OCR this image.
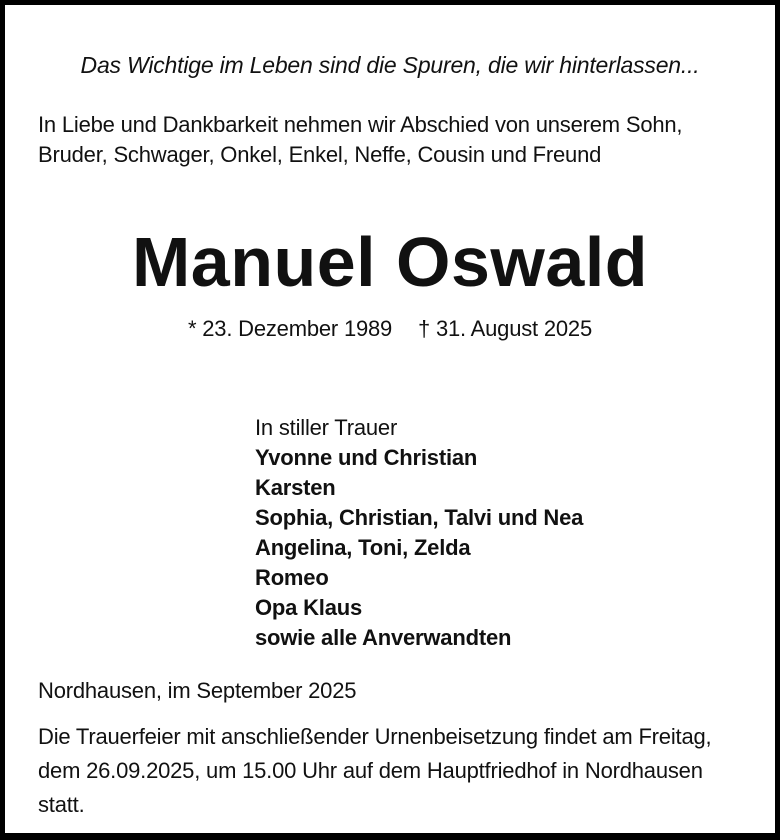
Das Wichtige im Leben sind die Spuren, die wir hinterlassen...
In Liebe und Dankbarkeit nehmen wir Abschied von unserem Sohn,
Bruder, Schwager, Onkel, Enkel, Neffe, Cousin und Freund
Manuel Oswald
* 23. Dezember 1989 † 31. August 2025
In stiller Trauer
Yvonne und Christian
Karsten
Sophia, Christian, Talvi und Nea
Angelina, Toni, Zelda
Romeo
Opa Klaus
sowie alle Anverwandten
Nordhausen, im September 2025
Die Trauerfeier mit anschließender Urnenbeisetzung findet am Freitag,
dem 26.09.2025, um 15.00 Uhr auf dem Hauptfriedhof in Nordhausen
statt.
